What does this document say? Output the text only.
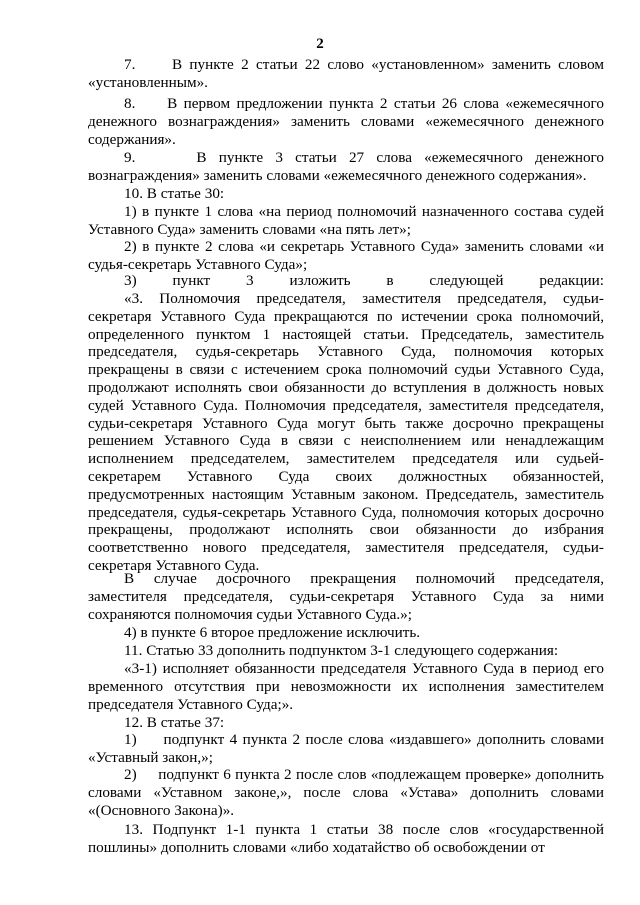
2

7.     В пункте 2 статьи 22 слово «установленном» заменить словом «установленным».

8.     В первом предложении пункта 2 статьи 26 слова «ежемесячного денежного вознаграждения» заменить словами «ежемесячного денежного содержания».

9.     В пункте 3 статьи 27 слова «ежемесячного денежного вознаграждения» заменить словами «ежемесячного денежного содержания».

10. В статье 30:

1) в пункте 1 слова «на период полномочий назначенного состава судей Уставного Суда» заменить словами «на пять лет»;

2) в пункте 2 слова «и секретарь Уставного Суда» заменить словами «и судья-секретарь Уставного Суда»;

3) пункт 3 изложить в следующей редакции:

«3. Полномочия председателя, заместителя председателя, судьи-секретаря Уставного Суда прекращаются по истечении срока полномочий, определенного пунктом 1 настоящей статьи. Председатель, заместитель председателя, судья-секретарь Уставного Суда, полномочия которых прекращены в связи с истечением срока полномочий судьи Уставного Суда, продолжают исполнять свои обязанности до вступления в должность новых судей Уставного Суда. Полномочия председателя, заместителя председателя, судьи-секретаря Уставного Суда могут быть также досрочно прекращены решением Уставного Суда в связи с неисполнением или ненадлежащим исполнением председателем, заместителем председателя или судьей-секретарем Уставного Суда своих должностных обязанностей, предусмотренных настоящим Уставным законом. Председатель, заместитель председателя, судья-секретарь Уставного Суда, полномочия которых досрочно прекращены, продолжают исполнять свои обязанности до избрания соответственно нового председателя, заместителя председателя, судьи-секретаря Уставного Суда.

В случае досрочного прекращения полномочий председателя, заместителя председателя, судьи-секретаря Уставного Суда за ними сохраняются полномочия судьи Уставного Суда.»;

4) в пункте 6 второе предложение исключить.

11. Статью 33 дополнить подпунктом 3-1 следующего содержания:

«3-1) исполняет обязанности председателя Уставного Суда в период его временного отсутствия при невозможности их исполнения заместителем председателя Уставного Суда;».

12. В статье 37:

1)     подпункт 4 пункта 2 после слова «издавшего» дополнить словами «Уставный закон,»;

2)     подпункт 6 пункта 2 после слов «подлежащем проверке» дополнить словами «Уставном законе,», после слова «Устава» дополнить словами «(Основного Закона)».

13. Подпункт 1-1 пункта 1 статьи 38 после слов «государственной пошлины» дополнить словами «либо ходатайство об освобождении от
